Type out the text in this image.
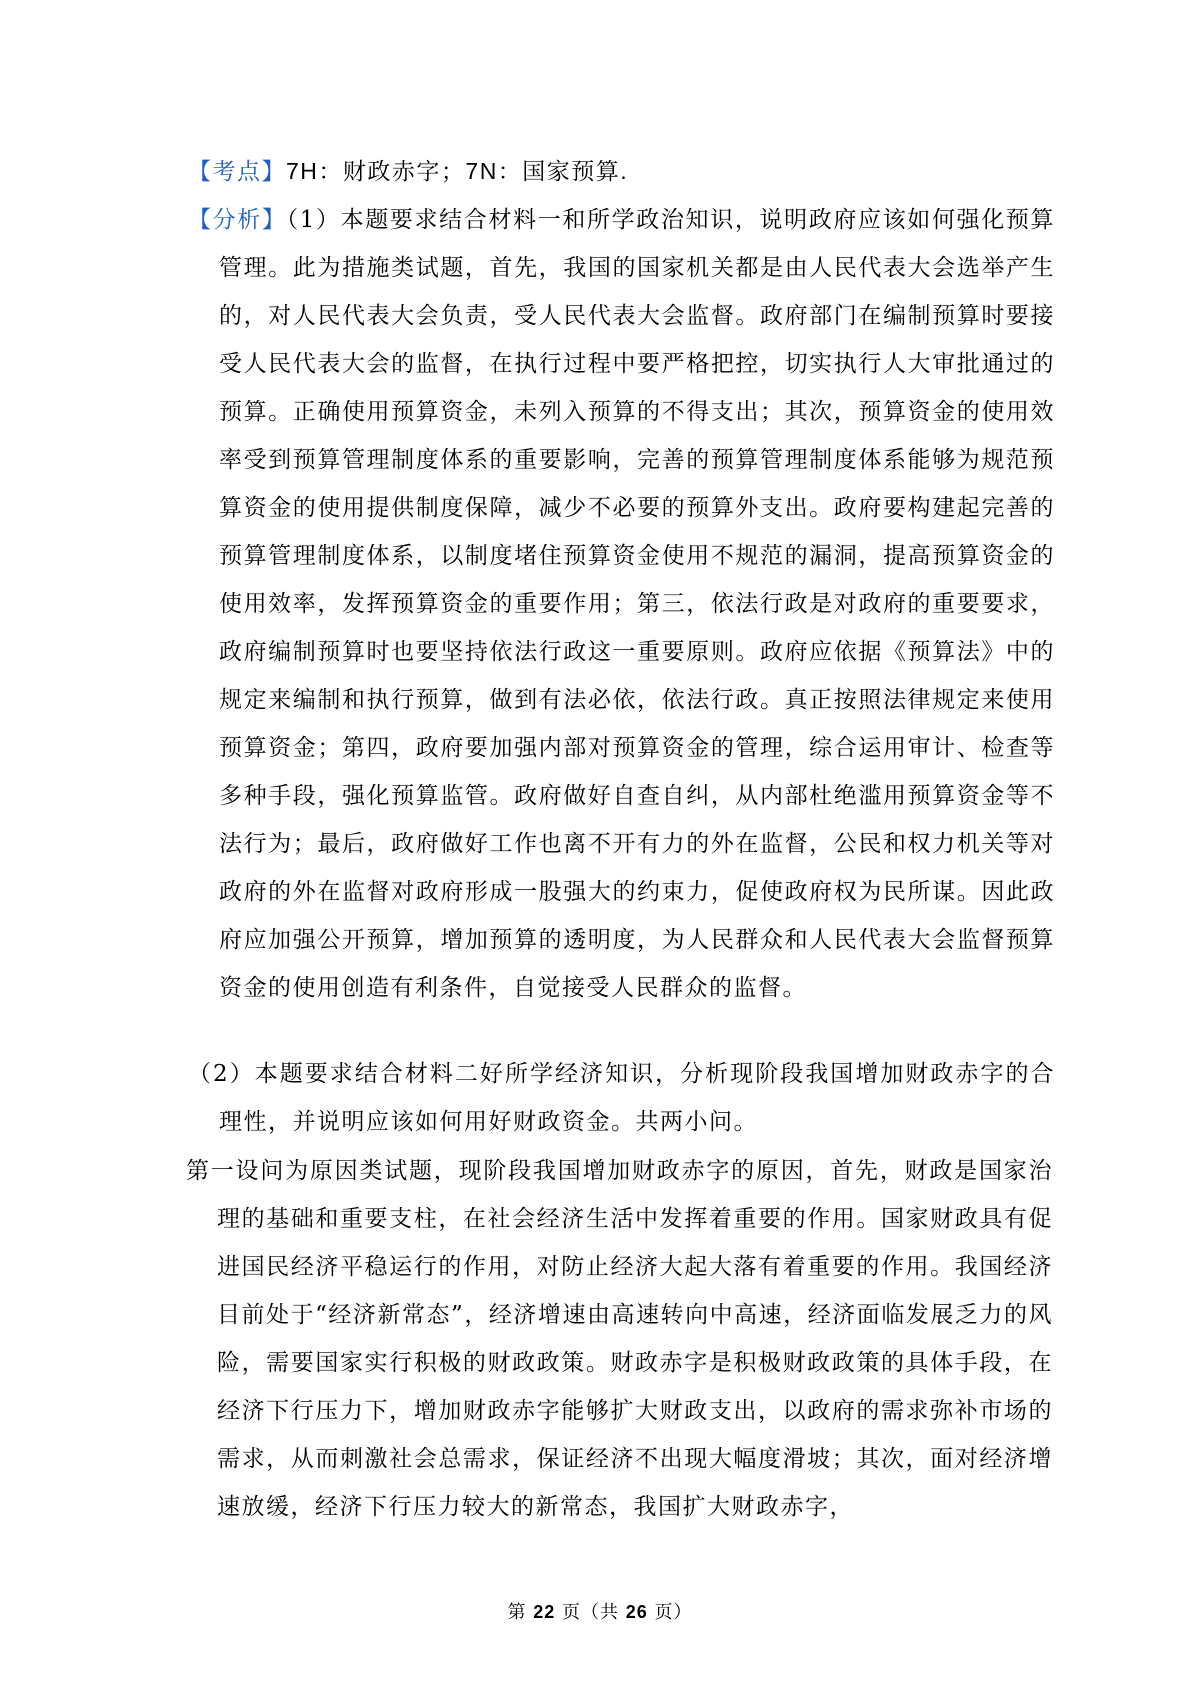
【考点】7H：财政赤字；7N：国家预算.

【分析】（1）本题要求结合材料一和所学政治知识，说明政府应该如何强化预算管理。此为措施类试题，首先，我国的国家机关都是由人民代表大会选举产生的，对人民代表大会负责，受人民代表大会监督。政府部门在编制预算时要接受人民代表大会的监督，在执行过程中要严格把控，切实执行人大审批通过的预算。正确使用预算资金，未列入预算的不得支出；其次，预算资金的使用效率受到预算管理制度体系的重要影响，完善的预算管理制度体系能够为规范预算资金的使用提供制度保障，减少不必要的预算外支出。政府要构建起完善的预算管理制度体系，以制度堵住预算资金使用不规范的漏洞，提高预算资金的使用效率，发挥预算资金的重要作用；第三，依法行政是对政府的重要要求，政府编制预算时也要坚持依法行政这一重要原则。政府应依据《预算法》中的规定来编制和执行预算，做到有法必依，依法行政。真正按照法律规定来使用预算资金；第四，政府要加强内部对预算资金的管理，综合运用审计、检查等多种手段，强化预算监管。政府做好自查自纠，从内部杜绝滥用预算资金等不法行为；最后，政府做好工作也离不开有力的外在监督，公民和权力机关等对政府的外在监督对政府形成一股强大的约束力，促使政府权为民所谋。因此政府应加强公开预算，增加预算的透明度，为人民群众和人民代表大会监督预算资金的使用创造有利条件，自觉接受人民群众的监督。

（2）本题要求结合材料二好所学经济知识，分析现阶段我国增加财政赤字的合理性，并说明应该如何用好财政资金。共两小问。

第一设问为原因类试题，现阶段我国增加财政赤字的原因，首先，财政是国家治理的基础和重要支柱，在社会经济生活中发挥着重要的作用。国家财政具有促进国民经济平稳运行的作用，对防止经济大起大落有着重要的作用。我国经济目前处于“经济新常态”，经济增速由高速转向中高速，经济面临发展乏力的风险，需要国家实行积极的财政政策。财政赤字是积极财政政策的具体手段，在经济下行压力下，增加财政赤字能够扩大财政支出，以政府的需求弥补市场的需求，从而刺激社会总需求，保证经济不出现大幅度滑坡；其次，面对经济增速放缓，经济下行压力较大的新常态，我国扩大财政赤字，

第 22 页（共 26 页）
